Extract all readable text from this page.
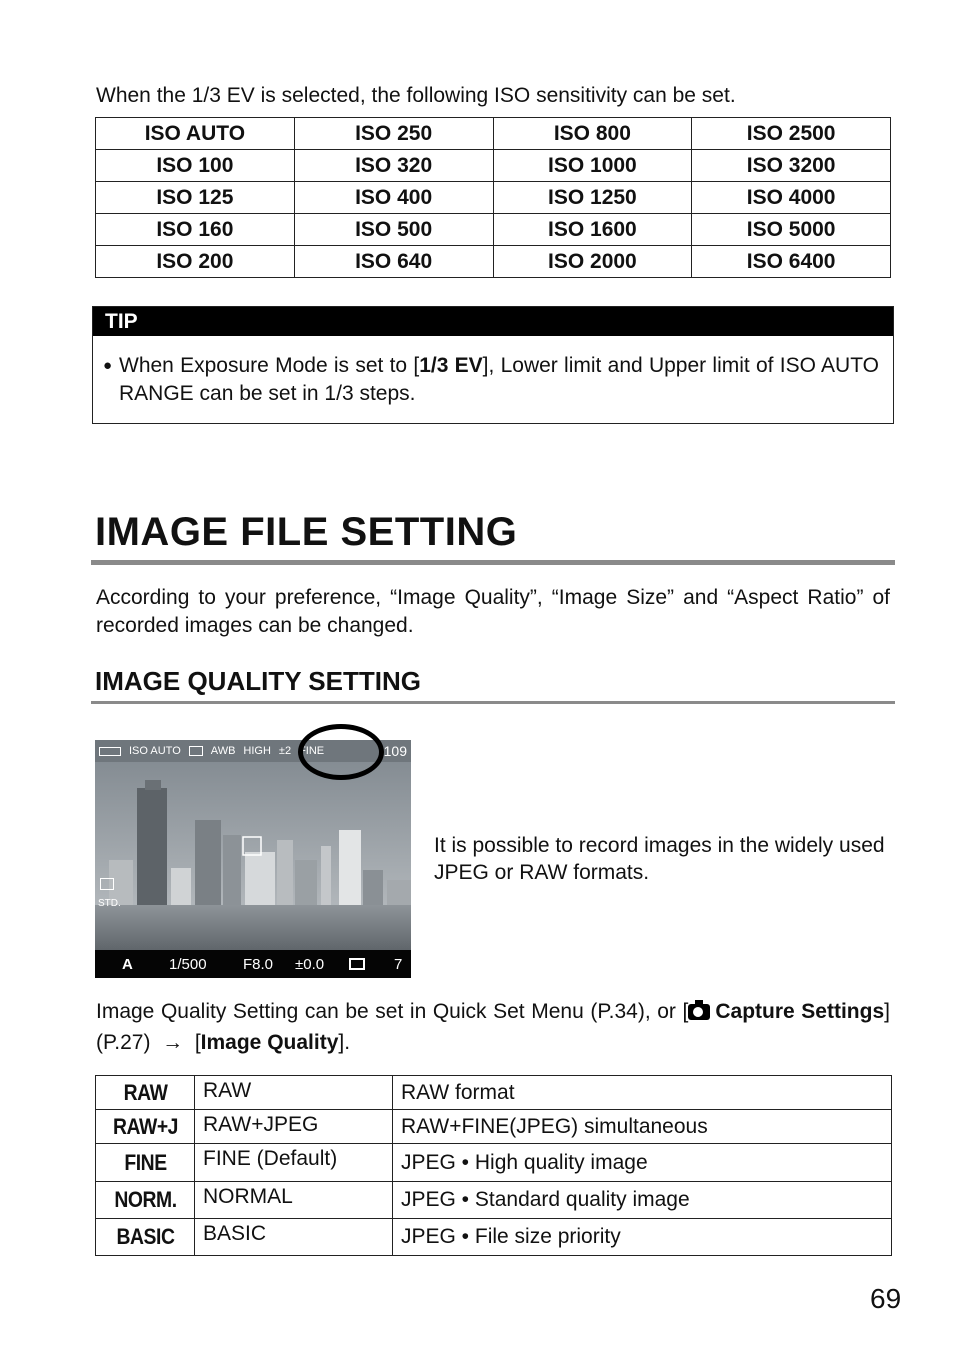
When the 1/3 EV is selected, the following ISO sensitivity can be set.
ISO AUTO	ISO 250	ISO 800	ISO 2500
ISO 100	ISO 320	ISO 1000	ISO 3200
ISO 125	ISO 400	ISO 1250	ISO 4000
ISO 160	ISO 500	ISO 1600	ISO 5000
ISO 200	ISO 640	ISO 2000	ISO 6400
TIP
● When Exposure Mode is set to [1/3 EV], Lower limit and Upper limit of ISO AUTO RANGE can be set in 1/3 steps.
IMAGE FILE SETTING
According to your preference, “Image Quality”, “Image Size” and “Aspect Ratio” of recorded images can be changed.
IMAGE QUALITY SETTING
ISO AUTO	AWB HIGH ±2 FINE	109
STD.
A 1/500 F8.0 ±0.0	7
It is possible to record images in the widely used JPEG or RAW formats.
Image Quality Setting can be set in Quick Set Menu (P.34), or [ Capture Settings] (P.27) → [Image Quality].
RAW	RAW	RAW format
RAW+J	RAW+JPEG	RAW+FINE(JPEG) simultaneous
FINE	FINE (Default)	JPEG • High quality image
NORM.	NORMAL	JPEG • Standard quality image
BASIC	BASIC	JPEG • File size priority
69
